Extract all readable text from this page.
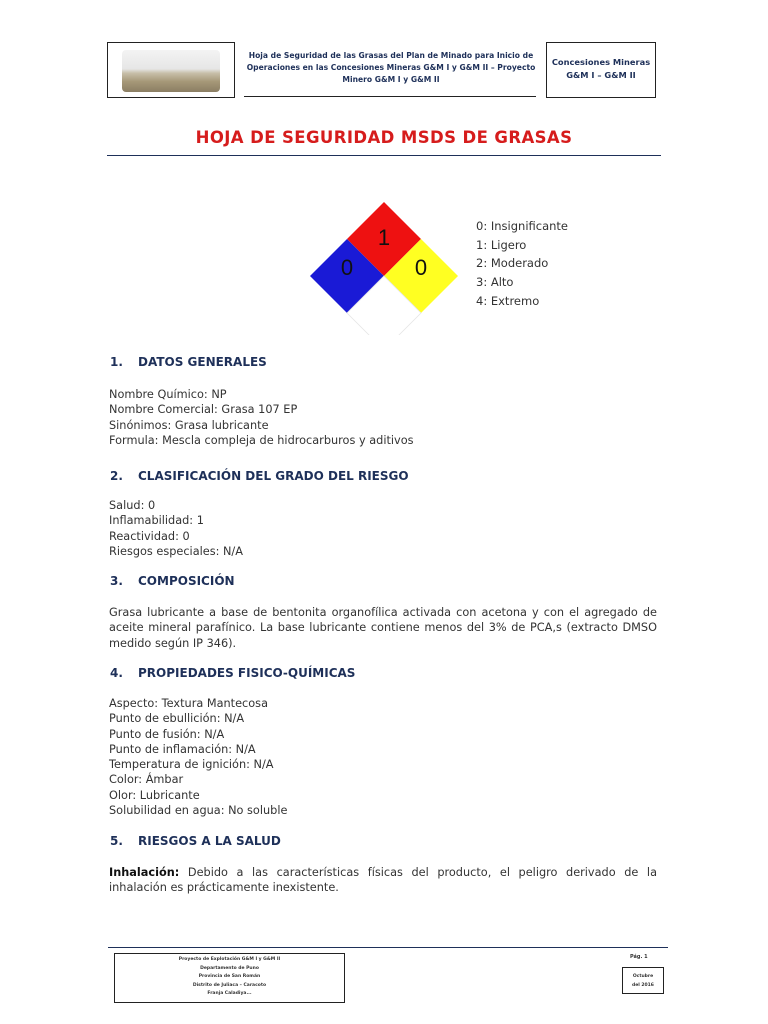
Hoja de Seguridad de las Grasas del Plan de Minado para Inicio de Operaciones en las Concesiones Mineras G&M I y G&M II – Proyecto Minero G&M I y G&M II
Concesiones Mineras
G&M I – G&M II
HOJA DE SEGURIDAD MSDS DE GRASAS
1
0	0
0: Insignificante
1: Ligero
2: Moderado
3: Alto
4: Extremo
1. DATOS GENERALES
Nombre Químico: NP
Nombre Comercial: Grasa 107 EP
Sinónimos: Grasa lubricante
Formula: Mescla compleja de hidrocarburos y aditivos
2. CLASIFICACIÓN DEL GRADO DEL RIESGO
Salud: 0
Inflamabilidad: 1
Reactividad: 0
Riesgos especiales: N/A
3. COMPOSICIÓN
Grasa lubricante a base de bentonita organofílica activada con acetona y con el agregado de aceite mineral parafínico. La base lubricante contiene menos del 3% de PCA,s (extracto DMSO medido según IP 346).
4. PROPIEDADES FISICO-QUÍMICAS
Aspecto: Textura Mantecosa
Punto de ebullición: N/A
Punto de fusión: N/A
Punto de inflamación: N/A
Temperatura de ignición: N/A
Color: Ámbar
Olor: Lubricante
Solubilidad en agua: No soluble
5. RIESGOS A LA SALUD
Inhalación: Debido a las características físicas del producto, el peligro derivado de la inhalación es prácticamente inexistente.
Proyecto de Explotación G&M I y G&M II
Departamento de Puno
Provincia de San Román
Distrito de Juliaca – Caracoto
Franja Caladiya...
Pág. 1
Octubre
del 2016
